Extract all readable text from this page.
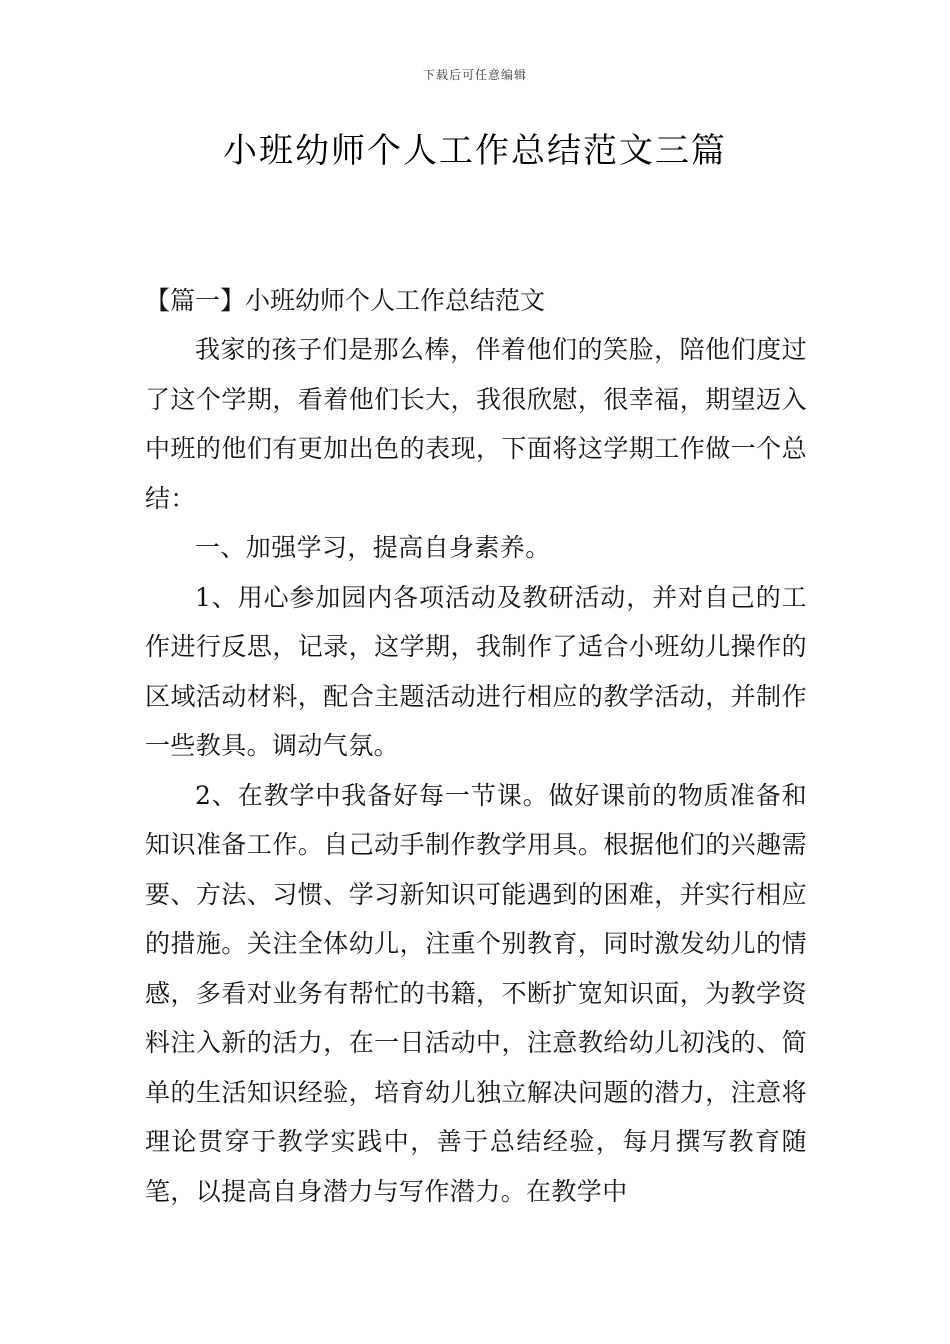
下载后可任意编辑
小班幼师个人工作总结范文三篇

【篇一】小班幼师个人工作总结范文

我家的孩子们是那么棒，伴着他们的笑脸，陪他们度过了这个学期，看着他们长大，我很欣慰，很幸福，期望迈入中班的他们有更加出色的表现，下面将这学期工作做一个总结：

一、加强学习，提高自身素养。

1、用心参加园内各项活动及教研活动，并对自己的工作进行反思，记录，这学期，我制作了适合小班幼儿操作的区域活动材料，配合主题活动进行相应的教学活动，并制作一些教具。调动气氛。

2、在教学中我备好每一节课。做好课前的物质准备和知识准备工作。自己动手制作教学用具。根据他们的兴趣需要、方法、习惯、学习新知识可能遇到的困难，并实行相应的措施。关注全体幼儿，注重个别教育，同时激发幼儿的情感，多看对业务有帮忙的书籍，不断扩宽知识面，为教学资料注入新的活力，在一日活动中，注意教给幼儿初浅的、简单的生活知识经验，培育幼儿独立解决问题的潜力，注意将理论贯穿于教学实践中，善于总结经验，每月撰写教育随笔，以提高自身潜力与写作潜力。在教学中
